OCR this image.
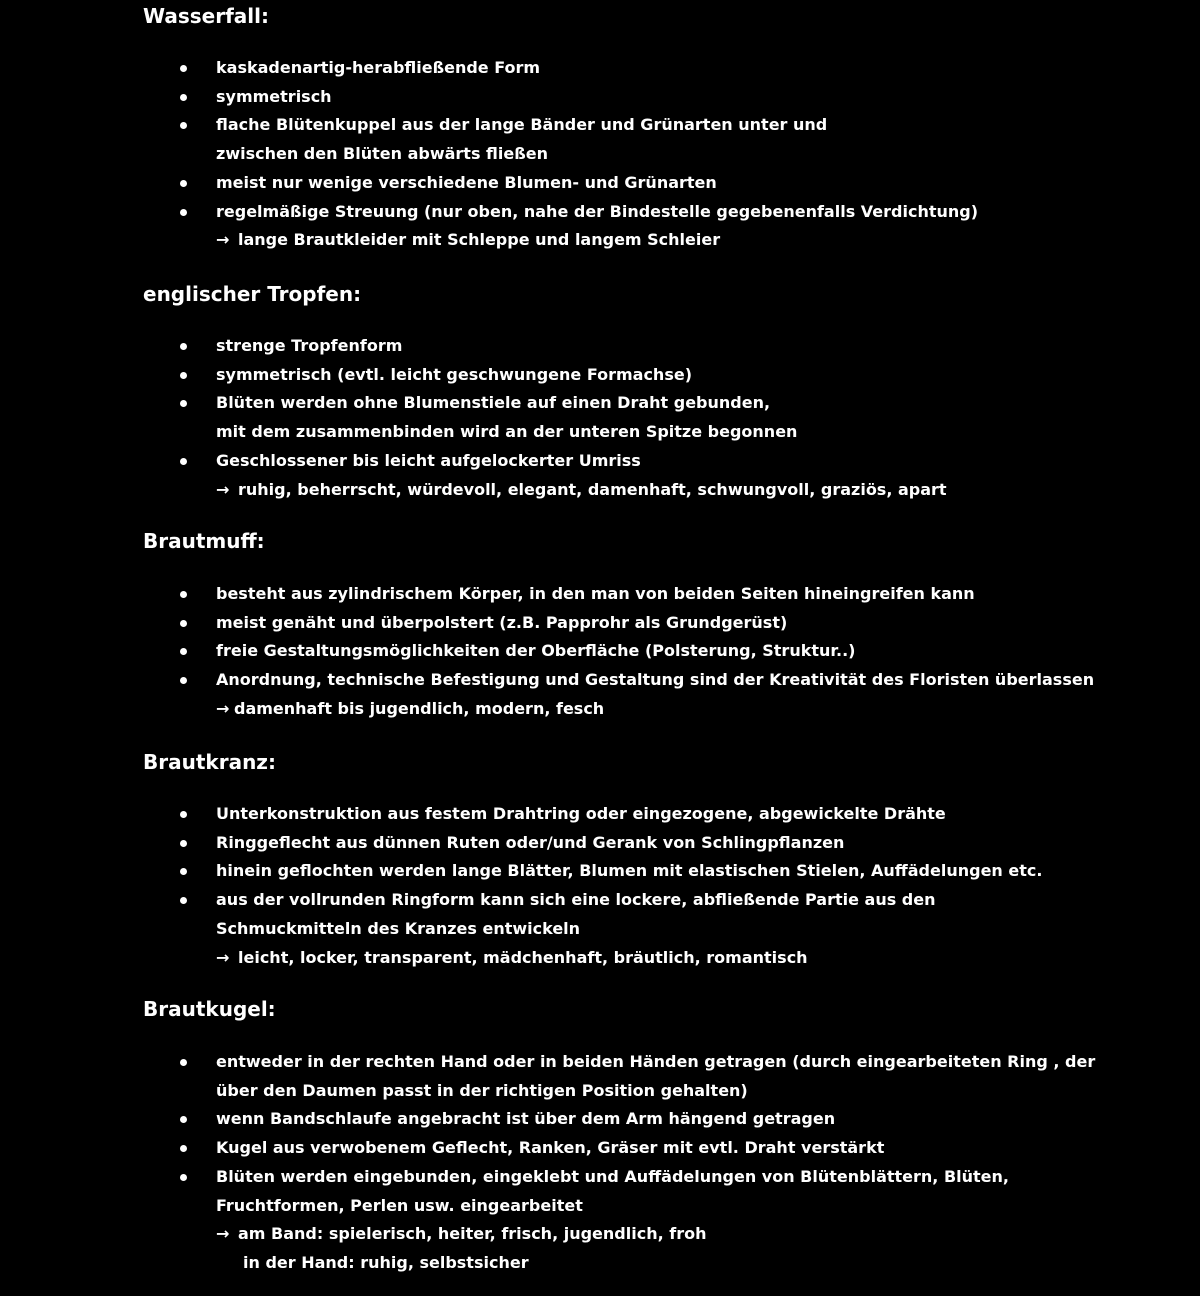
Wasserfall:
kaskadenartig-herabfließende Form
symmetrisch
flache Blütenkuppel aus der lange Bänder und Grünarten unter und
zwischen den Blüten abwärts fließen
meist nur wenige verschiedene Blumen- und Grünarten
regelmäßige Streuung (nur oben, nahe der Bindestelle gegebenenfalls Verdichtung)
→ lange Brautkleider mit Schleppe und langem Schleier
englischer Tropfen:
strenge Tropfenform
symmetrisch (evtl. leicht geschwungene Formachse)
Blüten werden ohne Blumenstiele auf einen Draht gebunden,
mit dem zusammenbinden wird an der unteren Spitze begonnen
Geschlossener bis leicht aufgelockerter Umriss
→ ruhig, beherrscht, würdevoll, elegant, damenhaft, schwungvoll, graziös, apart
Brautmuff:
besteht aus zylindrischem Körper, in den man von beiden Seiten hineingreifen kann
meist genäht und überpolstert (z.B. Papprohr als Grundgerüst)
freie Gestaltungsmöglichkeiten der Oberfläche (Polsterung, Struktur..)
Anordnung, technische Befestigung und Gestaltung sind der Kreativität des Floristen überlassen
→ damenhaft bis jugendlich, modern, fesch
Brautkranz:
Unterkonstruktion aus festem Drahtring oder eingezogene, abgewickelte Drähte
Ringgeflecht aus dünnen Ruten oder/und Gerank von Schlingpflanzen
hinein geflochten werden lange Blätter, Blumen mit elastischen Stielen, Auffädelungen etc.
aus der vollrunden Ringform kann sich eine lockere, abfließende Partie aus den
Schmuckmitteln des Kranzes entwickeln
→ leicht, locker, transparent, mädchenhaft, bräutlich, romantisch
Brautkugel:
entweder in der rechten Hand oder in beiden Händen getragen (durch eingearbeiteten Ring , der
über den Daumen passt in der richtigen Position gehalten)
wenn Bandschlaufe angebracht ist über dem Arm hängend getragen
Kugel aus verwobenem Geflecht, Ranken, Gräser mit evtl. Draht verstärkt
Blüten werden eingebunden, eingeklebt und Auffädelungen von Blütenblättern, Blüten,
Fruchtformen, Perlen usw. eingearbeitet
→ am Band: spielerisch, heiter, frisch, jugendlich, froh
in der Hand: ruhig, selbstsicher
